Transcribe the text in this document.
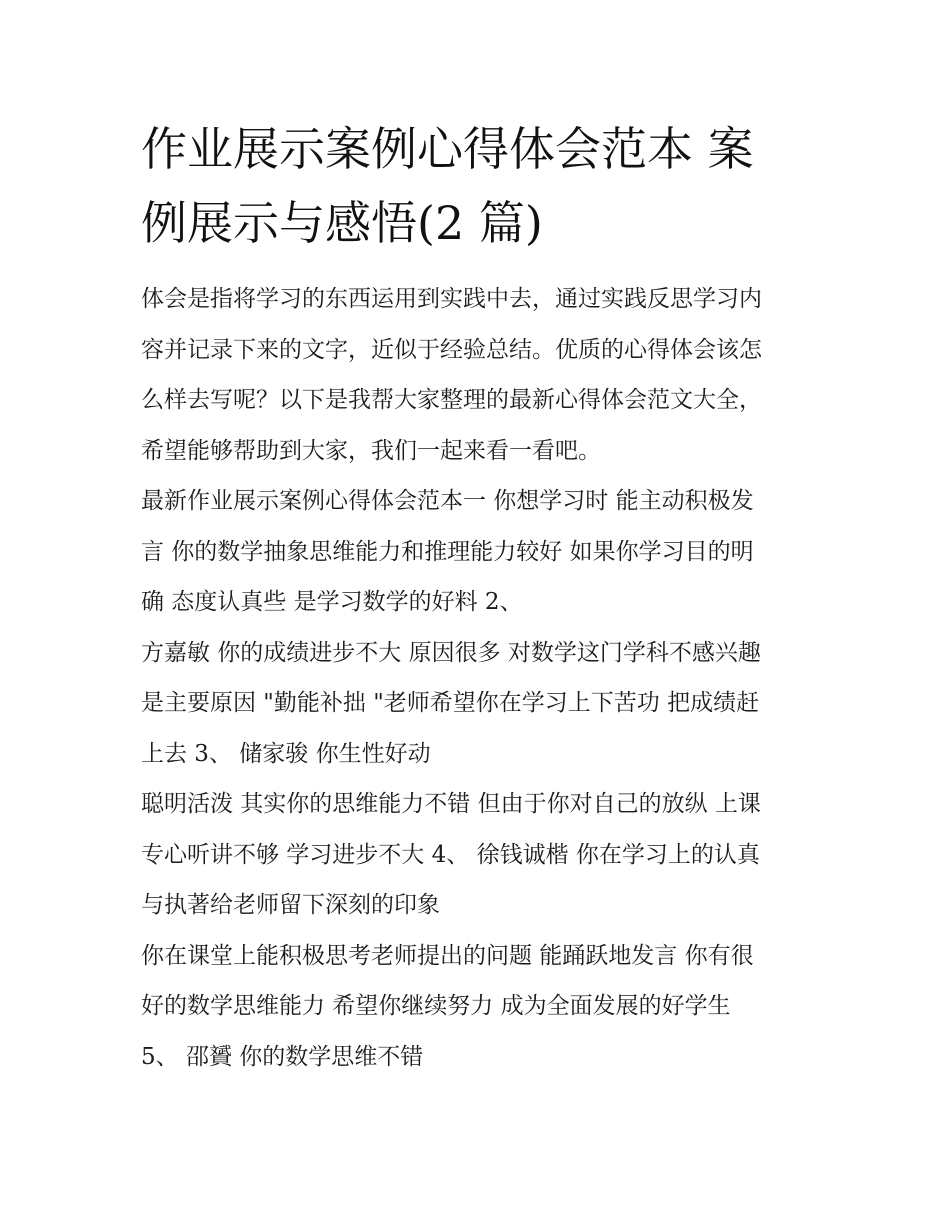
作业展示案例心得体会范本 案
例展示与感悟(2 篇)

体会是指将学习的东西运用到实践中去，通过实践反思学习内
容并记录下来的文字，近似于经验总结。优质的心得体会该怎
么样去写呢？以下是我帮大家整理的最新心得体会范文大全，
希望能够帮助到大家，我们一起来看一看吧。

最新作业展示案例心得体会范本一 你想学习时 能主动积极发
言 你的数学抽象思维能力和推理能力较好 如果你学习目的明
确 态度认真些 是学习数学的好料 2、

方嘉敏 你的成绩进步不大 原因很多 对数学这门学科不感兴趣
是主要原因 "勤能补拙 "老师希望你在学习上下苦功 把成绩赶
上去 3、 储家骏 你生性好动

聪明活泼 其实你的思维能力不错 但由于你对自己的放纵 上课
专心听讲不够 学习进步不大 4、 徐钱诚楷 你在学习上的认真
与执著给老师留下深刻的印象

你在课堂上能积极思考老师提出的问题 能踊跃地发言 你有很
好的数学思维能力 希望你继续努力 成为全面发展的好学生
5、 邵贇 你的数学思维不错
